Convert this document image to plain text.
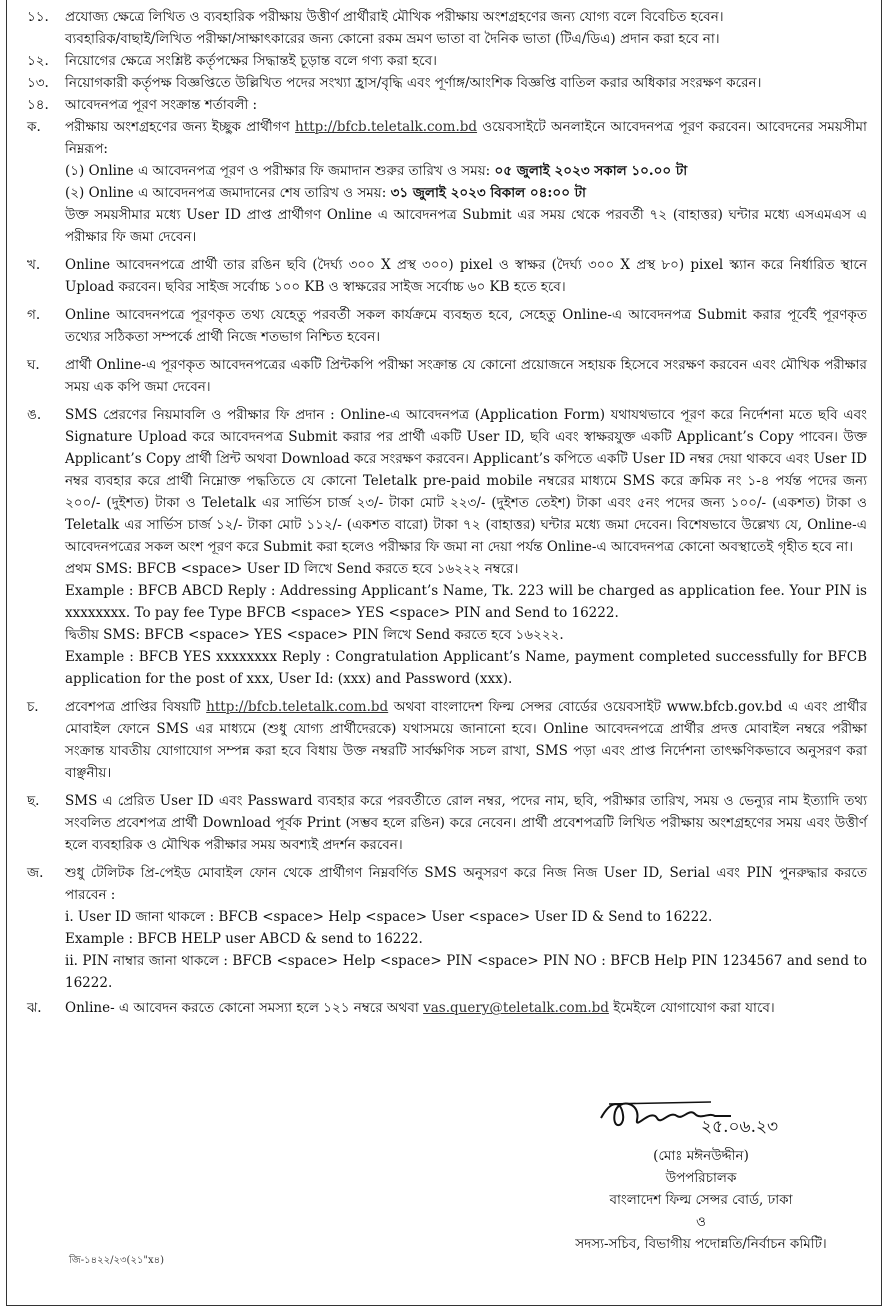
১১.	প্রযোজ্য ক্ষেত্রে লিখিত ও ব্যবহারিক পরীক্ষায় উত্তীর্ণ প্রার্থীরাই মৌখিক পরীক্ষায় অংশগ্রহণের জন্য যোগ্য বলে বিবেচিত হবেন।
ব্যবহারিক/বাছাই/লিখিত পরীক্ষা/সাক্ষাৎকারের জন্য কোনো রকম ভ্রমণ ভাতা বা দৈনিক ভাতা (টিএ/ডিএ) প্রদান করা হবে না।
১২.	নিয়োগের ক্ষেত্রে সংশ্লিষ্ট কর্তৃপক্ষের সিদ্ধান্তই চূড়ান্ত বলে গণ্য করা হবে।
১৩.	নিয়োগকারী কর্তৃপক্ষ বিজ্ঞপ্তিতে উল্লিখিত পদের সংখ্যা হ্রাস/বৃদ্ধি এবং পূর্ণাঙ্গ/আংশিক বিজ্ঞপ্তি বাতিল করার অধিকার সংরক্ষণ করেন।
১৪.	আবেদনপত্র পূরণ সংক্রান্ত শর্তাবলী :
ক.	পরীক্ষায় অংশগ্রহণের জন্য ইচ্ছুক প্রার্থীগণ http://bfcb.teletalk.com.bd ওয়েবসাইটে অনলাইনে আবেদনপত্র পূরণ করবেন। আবেদনের সময়সীমা নিম্নরূপ:

(১) Online এ আবেদনপত্র পূরণ ও পরীক্ষার ফি জমাদান শুরুর তারিখ ও সময়: ০৫ জুলাই ২০২৩ সকাল ১০.০০ টা

(২) Online এ আবেদনপত্র জমাদানের শেষ তারিখ ও সময়: ৩১ জুলাই ২০২৩ বিকাল ০৪:০০ টা

উক্ত সময়সীমার মধ্যে User ID প্রাপ্ত প্রার্থীগণ Online এ আবেদনপত্র Submit এর সময় থেকে পরবর্তী ৭২ (বাহাত্তর) ঘন্টার মধ্যে এসএমএস এ পরীক্ষার ফি জমা দেবেন।

খ.	Online আবেদনপত্রে প্রার্থী তার রঙিন ছবি (দৈর্ঘ্য ৩০০ X প্রস্থ ৩০০) pixel ও স্বাক্ষর (দৈর্ঘ্য ৩০০ X প্রস্থ ৮০) pixel স্ক্যান করে নির্ধারিত স্থানে Upload করবেন। ছবির সাইজ সর্বোচ্চ ১০০ KB ও স্বাক্ষরের সাইজ সর্বোচ্চ ৬০ KB হতে হবে।

গ.	Online আবেদনপত্রে পূরণকৃত তথ্য যেহেতু পরবর্তী সকল কার্যক্রমে ব্যবহৃত হবে, সেহেতু Online-এ আবেদনপত্র Submit করার পূর্বেই পূরণকৃত তথ্যের সঠিকতা সম্পর্কে প্রার্থী নিজে শতভাগ নিশ্চিত হবেন।

ঘ.	প্রার্থী Online-এ পূরণকৃত আবেদনপত্রের একটি প্রিন্টকপি পরীক্ষা সংক্রান্ত যে কোনো প্রয়োজনে সহায়ক হিসেবে সংরক্ষণ করবেন এবং মৌখিক পরীক্ষার সময় এক কপি জমা দেবেন।

ঙ.	SMS প্রেরণের নিয়মাবলি ও পরীক্ষার ফি প্রদান : Online-এ আবেদনপত্র (Application Form) যথাযথভাবে পূরণ করে নির্দেশনা মতে ছবি এবং Signature Upload করে আবেদনপত্র Submit করার পর প্রার্থী একটি User ID, ছবি এবং স্বাক্ষরযুক্ত একটি Applicant’s Copy পাবেন। উক্ত Applicant’s Copy প্রার্থী প্রিন্ট অথবা Download করে সংরক্ষণ করবেন। Applicant’s কপিতে একটি User ID নম্বর দেয়া থাকবে এবং User ID নম্বর ব্যবহার করে প্রার্থী নিম্নোক্ত পদ্ধতিতে যে কোনো Teletalk pre-paid mobile নম্বরের মাধ্যমে SMS করে ক্রমিক নং ১-৪ পর্যন্ত পদের জন্য ২০০/- (দুইশত) টাকা ও Teletalk এর সার্ভিস চার্জ ২৩/- টাকা মোট ২২৩/- (দুইশত তেইশ) টাকা এবং ৫নং পদের জন্য ১০০/- (একশত) টাকা ও Teletalk এর সার্ভিস চার্জ ১২/- টাকা মোট ১১২/- (একশত বারো) টাকা ৭২ (বাহাত্তর) ঘন্টার মধ্যে জমা দেবেন। বিশেষভাবে উল্লেখ্য যে, Online-এ আবেদনপত্রের সকল অংশ পূরণ করে Submit করা হলেও পরীক্ষার ফি জমা না দেয়া পর্যন্ত Online-এ আবেদনপত্র কোনো অবস্থাতেই গৃহীত হবে না।

প্রথম SMS: BFCB <space> User ID লিখে Send করতে হবে ১৬২২২ নম্বরে।

Example : BFCB ABCD Reply : Addressing Applicant’s Name, Tk. 223 will be charged as application fee. Your PIN is xxxxxxxx. To pay fee Type BFCB <space> YES <space> PIN and Send to 16222.

দ্বিতীয় SMS: BFCB <space> YES <space> PIN লিখে Send করতে হবে ১৬২২২.

Example : BFCB YES xxxxxxxx Reply : Congratulation Applicant’s Name, payment completed successfully for BFCB application for the post of xxx, User Id: (xxx) and Password (xxx).

চ.	প্রবেশপত্র প্রাপ্তির বিষয়টি http://bfcb.teletalk.com.bd অথবা বাংলাদেশ ফিল্ম সেন্সর বোর্ডের ওয়েবসাইট www.bfcb.gov.bd এ এবং প্রার্থীর মোবাইল ফোনে SMS এর মাধ্যমে (শুধু যোগ্য প্রার্থীদেরকে) যথাসময়ে জানানো হবে। Online আবেদনপত্রে প্রার্থীর প্রদত্ত মোবাইল নম্বরে পরীক্ষা সংক্রান্ত যাবতীয় যোগাযোগ সম্পন্ন করা হবে বিধায় উক্ত নম্বরটি সার্বক্ষণিক সচল রাখা, SMS পড়া এবং প্রাপ্ত নির্দেশনা তাৎক্ষণিকভাবে অনুসরণ করা বাঞ্ছনীয়।

ছ.	SMS এ প্রেরিত User ID এবং Passward ব্যবহার করে পরবর্তীতে রোল নম্বর, পদের নাম, ছবি, পরীক্ষার তারিখ, সময় ও ভেন্যুর নাম ইত্যাদি তথ্য সংবলিত প্রবেশপত্র প্রার্থী Download পূর্বক Print (সম্ভব হলে রঙিন) করে নেবেন। প্রার্থী প্রবেশপত্রটি লিখিত পরীক্ষায় অংশগ্রহণের সময় এবং উত্তীর্ণ হলে ব্যবহারিক ও মৌখিক পরীক্ষার সময় অবশ্যই প্রদর্শন করবেন।

জ.	শুধু টেলিটক প্রি-পেইড মোবাইল ফোন থেকে প্রার্থীগণ নিম্নবর্ণিত SMS অনুসরণ করে নিজ নিজ User ID, Serial এবং PIN পুনরুদ্ধার করতে পারবেন :

i. User ID জানা থাকলে : BFCB <space> Help <space> User <space> User ID & Send to 16222.

Example : BFCB HELP user ABCD & send to 16222.

ii. PIN নাম্বার জানা থাকলে : BFCB <space> Help <space> PIN <space> PIN NO : BFCB Help PIN 1234567 and send to 16222.

ঝ.	Online- এ আবেদন করতে কোনো সমস্যা হলে ১২১ নম্বরে অথবা vas.query@teletalk.com.bd ইমেইলে যোগাযোগ করা যাবে।

২৫.০৬.২৩

(মোঃ মঈনউদ্দীন)

উপপরিচালক

বাংলাদেশ ফিল্ম সেন্সর বোর্ড, ঢাকা

ও

সদস্য-সচিব, বিভাগীয় পদোন্নতি/নির্বাচন কমিটি।

জি-১৪২২/২৩(২১"x৪)
